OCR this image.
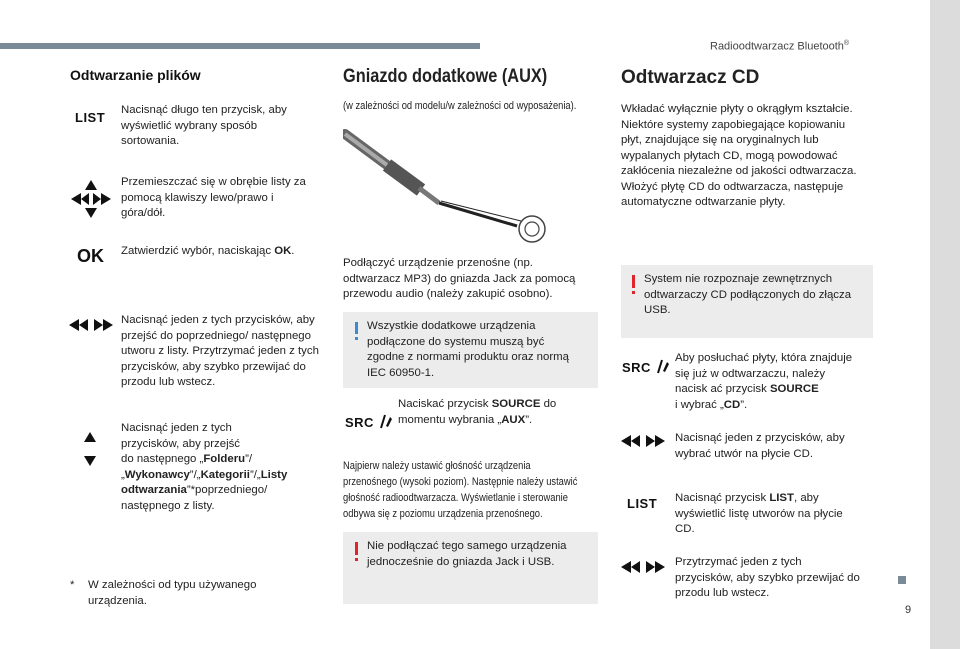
Radioodtwarzacz Bluetooth®
9
Odtwarzanie plików
LIST Nacisnąć długo ten przycisk, aby wyświetlić wybrany sposób sortowania.
Przemieszczać się w obrębie listy za pomocą klawiszy lewo/prawo i góra/dół.
OK Zatwierdzić wybór, naciskając OK.
Nacisnąć jeden z tych przycisków, aby przejść do poprzedniego/ następnego utworu z listy. Przytrzymać jeden z tych przycisków, aby szybko przewijać do przodu lub wstecz.
Nacisnąć jeden z tych
przycisków, aby przejść
do następnego „Folderu”/
„Wykonawcy”/„Kategorii”/„Listy
odtwarzania”*poprzedniego/
następnego z listy.
* W zależności od typu używanego
urządzenia.
Gniazdo dodatkowe (AUX)
(w zależności od modelu/w zależności od wyposażenia).
Podłączyć urządzenie przenośne (np.
odtwarzacz MP3) do gniazda Jack za pomocą
przewodu audio (należy zakupić osobno).
Wszystkie dodatkowe urządzenia
podłączone do systemu muszą być
zgodne z normami produktu oraz normą
IEC 60950-1.
SRC
Naciskać przycisk SOURCE do
momentu wybrania „AUX”.
Najpierw należy ustawić głośność urządzenia
przenośnego (wysoki poziom). Następnie należy ustawić
głośność radioodtwarzacza. Wyświetlanie i sterowanie
odbywa się z poziomu urządzenia przenośnego.
Nie podłączać tego samego urządzenia
jednocześnie do gniazda Jack i USB.
Odtwarzacz CD
Wkładać wyłącznie płyty o okrągłym kształcie.
Niektóre systemy zapobiegające kopiowaniu
płyt, znajdujące się na oryginalnych lub
wypalanych płytach CD, mogą powodować
zakłócenia niezależne od jakości odtwarzacza.
Włożyć płytę CD do odtwarzacza, następuje
automatyczne odtwarzanie płyty.
System nie rozpoznaje zewnętrznych
odtwarzaczy CD podłączonych do złącza
USB.
SRC
Aby posłuchać płyty, która znajduje
się już w odtwarzaczu, należy
nacisk ać przycisk SOURCE
i wybrać „CD”.
Nacisnąć jeden z przycisków, aby
wybrać utwór na płycie CD.
LIST Nacisnąć przycisk LIST, aby
wyświetlić listę utworów na płycie
CD.
Przytrzymać jeden z tych
przycisków, aby szybko przewijać do
przodu lub wstecz.
